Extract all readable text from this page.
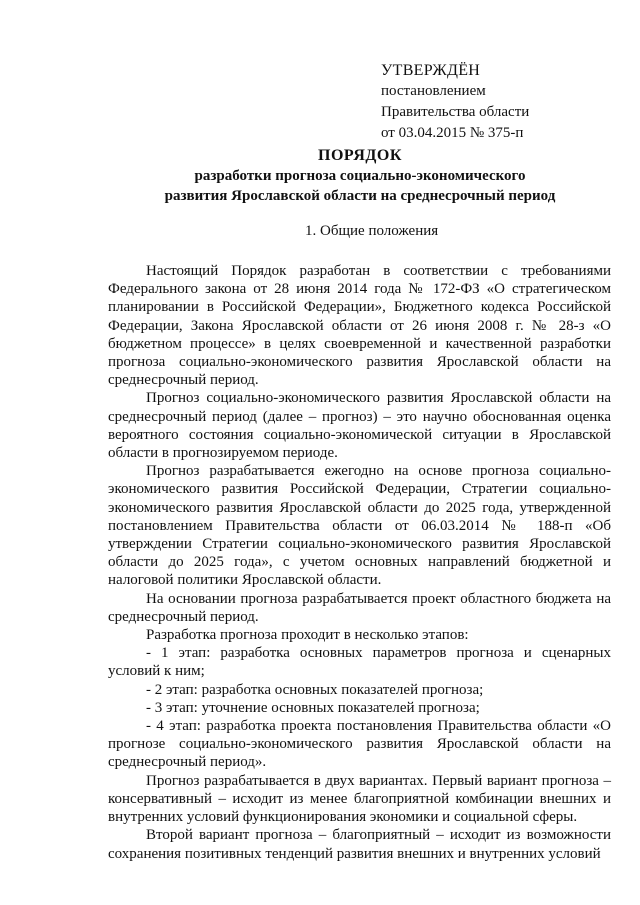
УТВЕРЖДЁН
постановлением
Правительства области
от 03.04.2015 № 375-п
ПОРЯДОК
разработки прогноза социально-экономического
развития Ярославской области на среднесрочный период
1. Общие положения

Настоящий Порядок разработан в соответствии с требованиями Федерального закона от 28 июня 2014 года № 172-ФЗ «О стратегическом планировании в Российской Федерации», Бюджетного кодекса Российской Федерации, Закона Ярославской области от 26 июня 2008 г. № 28-з «О бюджетном процессе» в целях своевременной и качественной разработки прогноза социально-экономического развития Ярославской области на среднесрочный период.

Прогноз социально-экономического развития Ярославской области на среднесрочный период (далее – прогноз) – это научно обоснованная оценка вероятного состояния социально-экономической ситуации в Ярославской области в прогнозируемом периоде.

Прогноз разрабатывается ежегодно на основе прогноза социально-экономического развития Российской Федерации, Стратегии социально-экономического развития Ярославской области до 2025 года, утвержденной постановлением Правительства области от 06.03.2014 № 188-п «Об утверждении Стратегии социально-экономического развития Ярославской области до 2025 года», с учетом основных направлений бюджетной и налоговой политики Ярославской области.

На основании прогноза разрабатывается проект областного бюджета на среднесрочный период.

Разработка прогноза проходит в несколько этапов:

- 1 этап: разработка основных параметров прогноза и сценарных условий к ним;

- 2 этап: разработка основных показателей прогноза;

- 3 этап: уточнение основных показателей прогноза;

- 4 этап: разработка проекта постановления Правительства области «О прогнозе социально-экономического развития Ярославской области на среднесрочный период».

Прогноз разрабатывается в двух вариантах. Первый вариант прогноза – консервативный – исходит из менее благоприятной комбинации внешних и внутренних условий функционирования экономики и социальной сферы.

Второй вариант прогноза – благоприятный – исходит из возможности сохранения позитивных тенденций развития внешних и внутренних условий
